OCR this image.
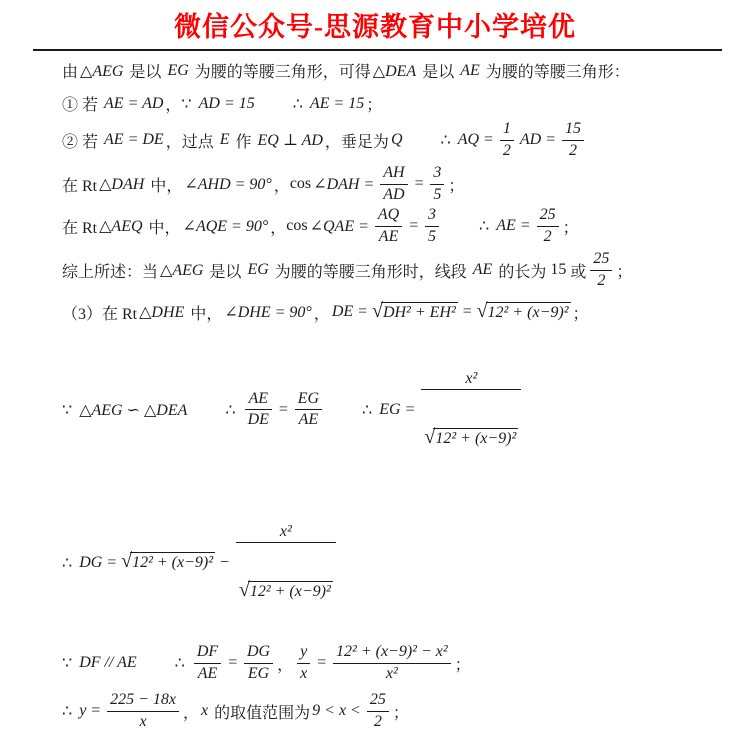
微信公众号-思源教育中小学培优
由 △AEG 是以 EG 为腰的等腰三角形，可得 △DEA 是以 AE 为腰的等腰三角形：
① 若 AE = AD ， ∵ AD = 15 ∴ AE = 15 ；
② 若 AE = DE ，过点 E 作 EQ ⊥ AD ，垂足为 Q ∴ AQ = $\frac{1}{2}$ AD = $\frac{15}{2}$
在 Rt △DAH 中， ∠AHD = 90° ， cos ∠DAH = $\frac{AH}{AD} = \frac{3}{5}$ ；
在 Rt △AEQ 中， ∠AQE = 90° ， cos ∠QAE = $\frac{AQ}{AE} = \frac{3}{5}$	∴ AE = $\frac{25}{2}$ ；
综上所述：当 △AEG 是以 EG 为腰的等腰三角形时，线段 AE 的长为 15 或 $\frac{25}{2}$ ；
（3）在 Rt △DHE 中， ∠DHE = 90° ， DE = √ DH² + EH² = √ 12² + (x−9)² ；
∵ △AEG ∽ △DEA ∴ $\frac{AE}{DE} = \frac{EG}{AE}$	∴ EG =

$\frac{\text{x²}}{\text{√ 12² + (x−9)²}}$

∴ DG = √ 12² + (x−9)² −

$\frac{\text{x²}}{\text{√ 12² + (x−9)²}}$

∵ DF // AE ∴ $\frac{DF}{AE} = \frac{DG}{EG}$ ， $\frac{y}{x} = \frac{\text{12² + (x−9)² − x²}}{\text{x²}}$ ；
∴ $y = \frac{225 - 18x}{x}$ ， x 的取值范围为 $9 < x < \frac{25}{2}$ ；
